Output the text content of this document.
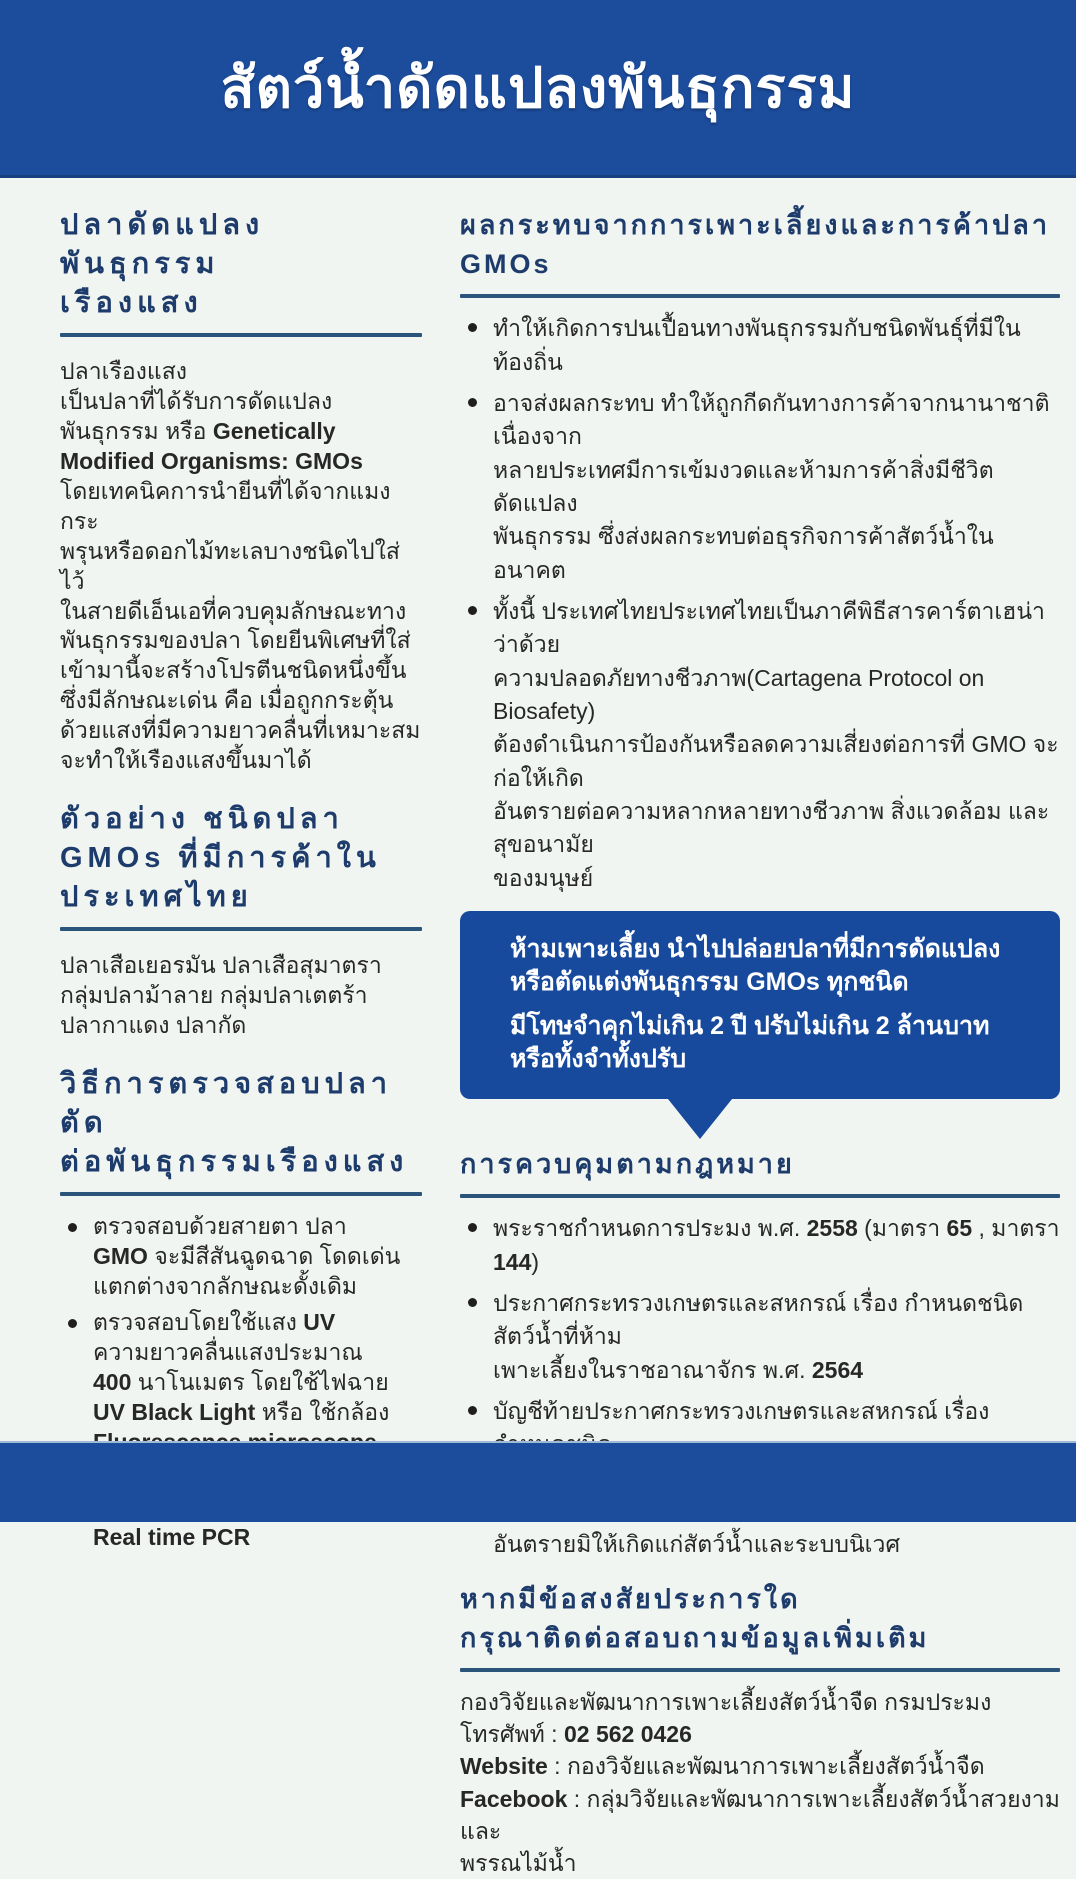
สัตว์น้ำดัดแปลงพันธุกรรม
ปลาดัดแปลงพันธุกรรม
เรืองแสง

ปลาเรืองแสง
เป็นปลาที่ได้รับการดัดแปลง
พันธุกรรม หรือ Genetically
Modified Organisms: GMOs
โดยเทคนิคการนำยีนที่ได้จากแมงกระ
พรุนหรือดอกไม้ทะเลบางชนิดไปใส่ไว้
ในสายดีเอ็นเอที่ควบคุมลักษณะทาง
พันธุกรรมของปลา โดยยีนพิเศษที่ใส่
เข้ามานี้จะสร้างโปรตีนชนิดหนึ่งขึ้น
ซึ่งมีลักษณะเด่น คือ เมื่อถูกกระตุ้น
ด้วยแสงที่มีความยาวคลื่นที่เหมาะสม
จะทำให้เรืองแสงขึ้นมาได้

ตัวอย่าง ชนิดปลา
GMOs ที่มีการค้าใน
ประเทศไทย

ปลาเสือเยอรมัน ปลาเสือสุมาตรา
กลุ่มปลาม้าลาย กลุ่มปลาเตตร้า
ปลากาแดง ปลากัด

วิธีการตรวจสอบปลาตัด
ต่อพันธุกรรมเรืองแสง
ตรวจสอบด้วยสายตา ปลา
GMO จะมีสีสันฉูดฉาด โดดเด่น
แตกต่างจากลักษณะดั้งเดิม
ตรวจสอบโดยใช้แสง UV
ความยาวคลื่นแสงประมาณ
400 นาโนเมตร โดยใช้ไฟฉาย
UV Black Light หรือ ใช้กล้อง

Real time PCR
ผลกระทบจากการเพาะเลี้ยงและการค้าปลา
GMOs
ทำให้เกิดการปนเปื้อนทางพันธุกรรมกับชนิดพันธุ์ที่มีในท้องถิ่น
อาจส่งผลกระทบ ทำให้ถูกกีดกันทางการค้าจากนานาชาติ เนื่องจาก
หลายประเทศมีการเข้มงวดและห้ามการค้าสิ่งมีชีวิตดัดแปลง
พันธุกรรม ซึ่งส่งผลกระทบต่อธุรกิจการค้าสัตว์น้ำในอนาคต
ทั้งนี้ ประเทศไทยประเทศไทยเป็นภาคีพิธีสารคาร์ตาเฮน่า ว่าด้วย
ความปลอดภัยทางชีวภาพ(Cartagena Protocol on Biosafety)
ต้องดำเนินการป้องกันหรือลดความเสี่ยงต่อการที่ GMO จะก่อให้เกิด
อันตรายต่อความหลากหลายทางชีวภาพ สิ่งแวดล้อม และสุขอนามัย
ของมนุษย์

ห้ามเพาะเลี้ยง นำไปปล่อยปลาที่มีการดัดแปลง
หรือตัดแต่งพันธุกรรม GMOs ทุกชนิด

มีโทษจำคุกไม่เกิน 2 ปี ปรับไม่เกิน 2 ล้านบาท
หรือทั้งจำทั้งปรับ

การควบคุมตามกฎหมาย
พระราชกำหนดการประมง พ.ศ. 2558 (มาตรา 65 , มาตรา 144)
ประกาศกระทรวงเกษตรและสหกรณ์ เรื่อง กำหนดชนิดสัตว์น้ำที่ห้าม
เพาะเลี้ยงในราชอาณาจักร พ.ศ. 2564
บัญชีท้ายประกาศกระทรวงเกษตรและสหกรณ์ เรื่อง

อันตรายมิให้เกิดแก่สัตว์น้ำและระบบนิเวศ
หากมีข้อสงสัยประการใด
กรุณาติดต่อสอบถามข้อมูลเพิ่มเติม

กองวิจัยและพัฒนาการเพาะเลี้ยงสัตว์น้ำจืด กรมประมง

โทรศัพท์ : 02 562 0426

Website : กองวิจัยและพัฒนาการเพาะเลี้ยงสัตว์น้ำจืด

Facebook : กลุ่มวิจัยและพัฒนาการเพาะเลี้ยงสัตว์น้ำสวยงามและ
พรรณไม้น้ำ
